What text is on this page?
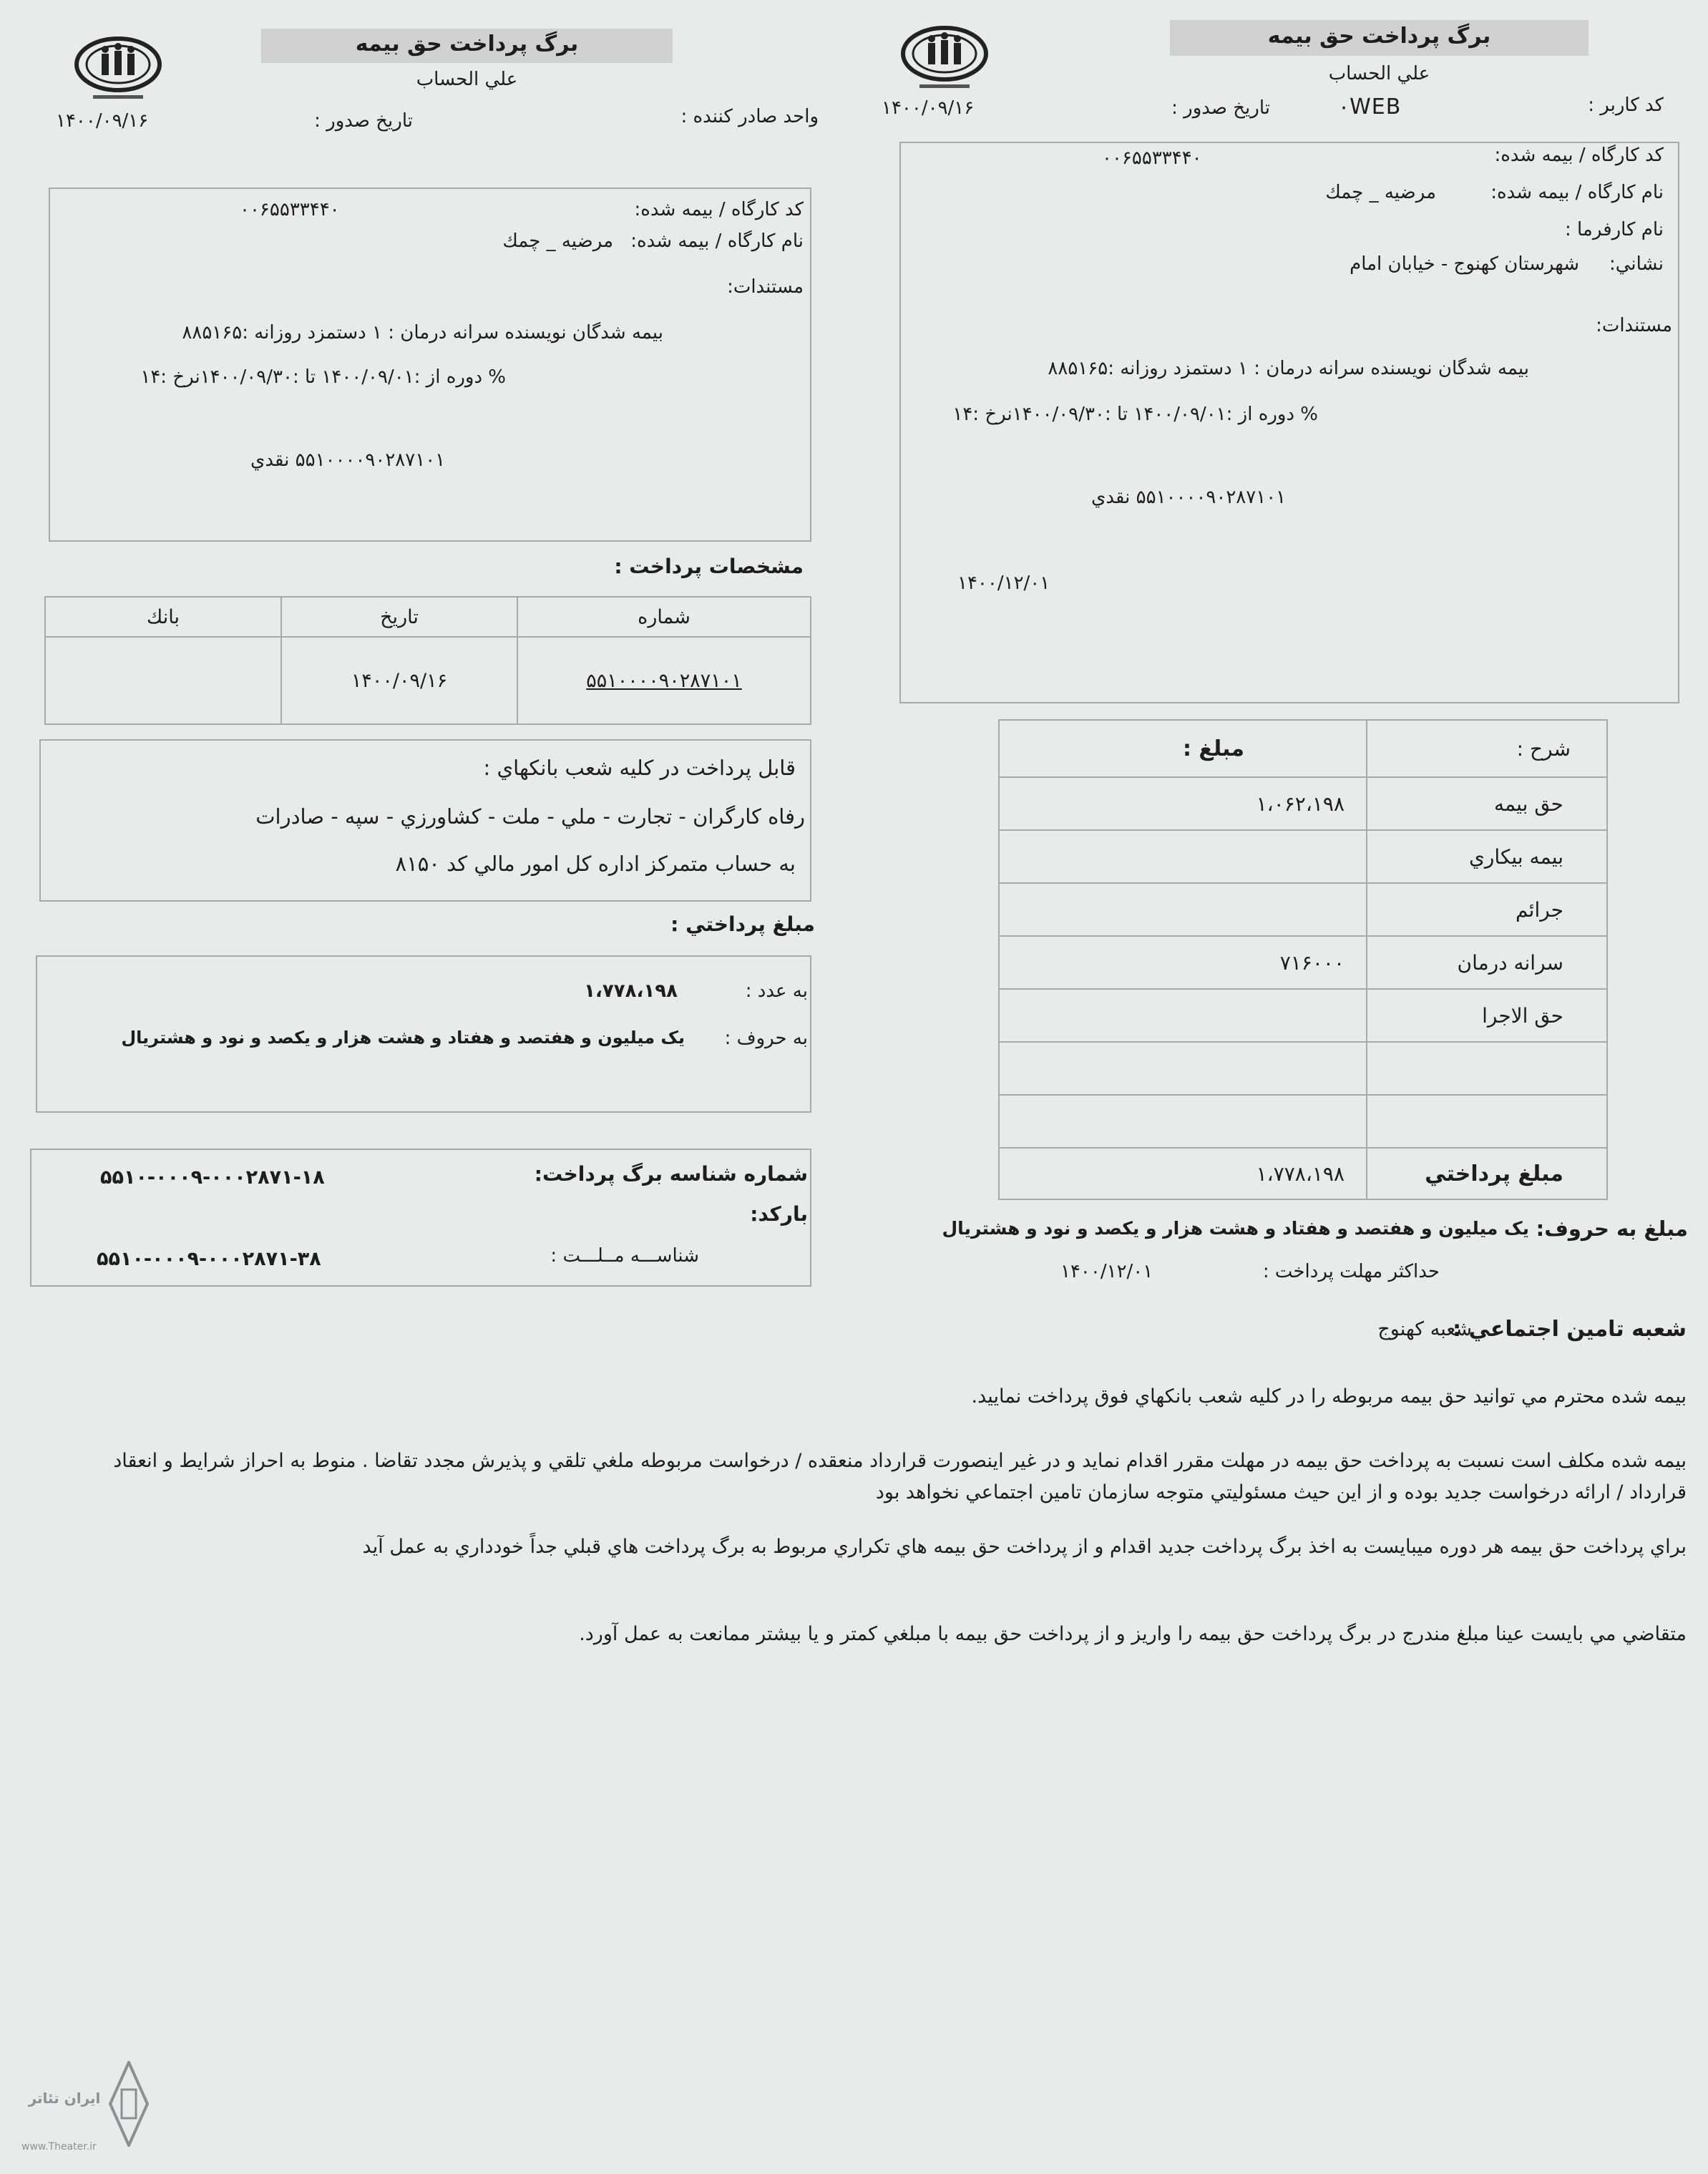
برگ پرداخت حق بیمه
علي الحساب
واحد صادر كننده :
تاريخ صدور :
۱۴۰۰/۰۹/۱۶
كد كارگاه / بيمه شده:
۰۰۶۵۵۳۳۴۴۰
نام كارگاه / بيمه شده:
مرضيه _ چمك
مستندات:
بيمه شدگان نويسنده سرانه درمان : ۱ دستمزد روزانه :۸۸۵۱۶۵
% دوره از :۱۴۰۰/۰۹/۰۱ تا :۱۴۰۰/۰۹/۳۰نرخ :۱۴
۵۵۱۰۰۰۰۹۰۲۸۷۱۰۱ نقدي
مشخصات پرداخت :
شماره	تاريخ	بانك
۵۵۱۰۰۰۰۹۰۲۸۷۱۰۱	۱۴۰۰/۰۹/۱۶	
قابل پرداخت در كليه شعب بانكهاي :
رفاه كارگران - تجارت - ملي - ملت - كشاورزي - سپه - صادرات
به حساب متمركز اداره كل امور مالي كد ۸۱۵۰
مبلغ پرداختي :
به عدد :
۱،۷۷۸،۱۹۸
به حروف :
يک ميليون و هفتصد و هفتاد و هشت هزار و يكصد و نود و هشتريال
شماره شناسه برگ پرداخت:
۵۵۱۰-۰۰۰۹-۰۰۰۲۸۷۱-۱۸
باركد:
شناســـه مــلـــت :
۵۵۱۰-۰۰۰۹-۰۰۰۲۸۷۱-۳۸
برگ پرداخت حق بیمه
علي الحساب
كد كاربر :
۰WEB
تاريخ صدور :
۱۴۰۰/۰۹/۱۶
كد كارگاه / بيمه شده:
۰۰۶۵۵۳۳۴۴۰
نام كارگاه / بيمه شده:
مرضيه _ چمك
نام كارفرما :
نشاني:
شهرستان كهنوج - خيابان امام
مستندات:
بيمه شدگان نويسنده سرانه درمان : ۱ دستمزد روزانه :۸۸۵۱۶۵
% دوره از :۱۴۰۰/۰۹/۰۱ تا :۱۴۰۰/۰۹/۳۰نرخ :۱۴
۵۵۱۰۰۰۰۹۰۲۸۷۱۰۱ نقدي
۱۴۰۰/۱۲/۰۱
شرح :	مبلغ :
حق بيمه	۱،۰۶۲،۱۹۸
بيمه بيكاري	
جرائم	
سرانه درمان	۷۱۶۰۰۰
حق الاجرا	

مبلغ پرداختي	۱،۷۷۸،۱۹۸
مبلغ به حروف:
يک ميليون و هفتصد و هفتاد و هشت هزار و يكصد و نود و هشتريال
حداكثر مهلت پرداخت :
۱۴۰۰/۱۲/۰۱
شعبه تامين اجتماعي :
شعبه كهنوج
بيمه شده محترم مي توانيد حق بيمه مربوطه را در كليه شعب بانكهاي فوق پرداخت نماييد.
بيمه شده مكلف است نسبت به پرداخت حق بيمه در مهلت مقرر اقدام نمايد و در غير اينصورت قرارداد منعقده / درخواست مربوطه ملغي تلقي و پذيرش مجدد تقاضا . منوط به احراز شرايط و انعقاد قرارداد / ارائه درخواست جديد بوده و از اين حيث مسئوليتي متوجه سازمان تامين اجتماعي نخواهد بود
براي پرداخت حق بيمه هر دوره ميبايست به اخذ برگ پرداخت جديد اقدام و از پرداخت حق بيمه هاي تكراري مربوط به برگ پرداخت هاي قبلي جداً خودداري به عمل آيد
متقاضي مي بايست عينا مبلغ مندرج در برگ پرداخت حق بيمه را واريز و از پرداخت حق بيمه با مبلغي كمتر و يا بيشتر ممانعت به عمل آورد.
ایران تئاتر
www.Theater.ir
